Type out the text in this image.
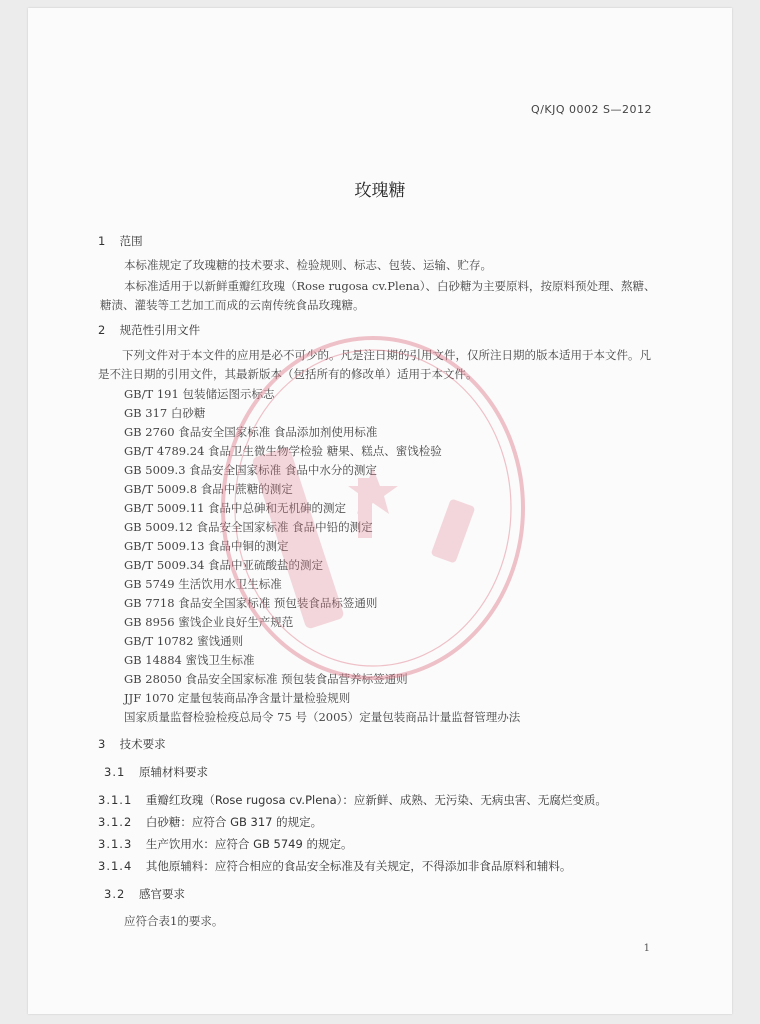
Q/KJQ 0002 S—2012
玫瑰糖
1 范围
本标准规定了玫瑰糖的技术要求、检验规则、标志、包装、运输、贮存。
本标准适用于以新鲜重瓣红玫瑰（Rose rugosa cv.Plena）、白砂糖为主要原料，按原料预处理、熬糖、糖渍、灌装等工艺加工而成的云南传统食品玫瑰糖。
2 规范性引用文件
下列文件对于本文件的应用是必不可少的。凡是注日期的引用文件，仅所注日期的版本适用于本文件。凡是不注日期的引用文件，其最新版本（包括所有的修改单）适用于本文件。
GB/T 191 包装储运图示标志
GB 317 白砂糖
GB 2760 食品安全国家标准 食品添加剂使用标准
GB/T 4789.24 食品卫生微生物学检验 糖果、糕点、蜜饯检验
GB 5009.3 食品安全国家标准 食品中水分的测定
GB/T 5009.8 食品中蔗糖的测定
GB/T 5009.11 食品中总砷和无机砷的测定
GB 5009.12 食品安全国家标准 食品中铅的测定
GB/T 5009.13 食品中铜的测定
GB/T 5009.34 食品中亚硫酸盐的测定
GB 5749 生活饮用水卫生标准
GB 7718 食品安全国家标准 预包装食品标签通则
GB 8956 蜜饯企业良好生产规范
GB/T 10782 蜜饯通则
GB 14884 蜜饯卫生标准
GB 28050 食品安全国家标准 预包装食品营养标签通则
JJF 1070 定量包装商品净含量计量检验规则
国家质量监督检验检疫总局令 75 号（2005）定量包装商品计量监督管理办法
3 技术要求
3.1 原辅材料要求
3.1.1 重瓣红玫瑰（Rose rugosa cv.Plena）：应新鲜、成熟、无污染、无病虫害、无腐烂变质。
3.1.2 白砂糖：应符合 GB 317 的规定。
3.1.3 生产饮用水：应符合 GB 5749 的规定。
3.1.4 其他原辅料：应符合相应的食品安全标准及有关规定，不得添加非食品原料和辅料。
3.2 感官要求
应符合表1的要求。
1
